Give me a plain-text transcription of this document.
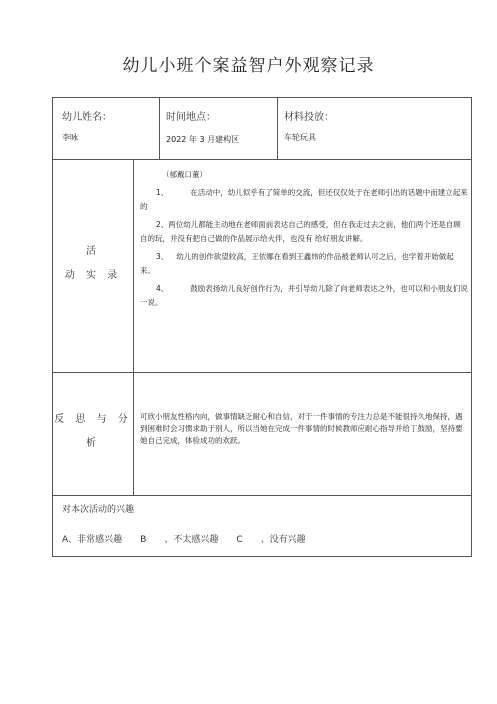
幼儿小班个案益智户外观察记录
幼儿姓名：
李咏
时间地点：
2022 年 3 月建构区
材料投放：
车轮玩具
活
动 实 录
（郁戴口董）
1、	在活动中，幼儿似乎有了简单的交流，但还仅仅处于在老师引出的话题中而建立起来的
2、两位幼儿都能主动地在老师面前表达自己的感受，但在我走过去之前，他们两个还是自顾自的玩，并没有把自己做的作品展示给火伴，也没有 给好朋友讲解。
3、 幼儿的创作欲望较高，王依娜在看到王鑫炜的作品被老师认可之后，也学着开始做起来。
4、	鼓励表扬幼儿良好创作行为，并引导幼儿除了向老师表达之外，也可以和小朋友们说一说。
反 思 与 分
析
可欣小朋友性格内向，做事情缺乏耐心和自信，对于一件事情的专注力总是不能很持久地保持，遇到困难时会习惯求助于别人，所以当她在完成一件事情的时候教师应耐心指导并给丁鼓励，坚持要她自己完成，体验成功的欢跃。
对本次活动的兴趣
A、非常感兴趣 B 、不太感兴趣 C 、没有兴趣
